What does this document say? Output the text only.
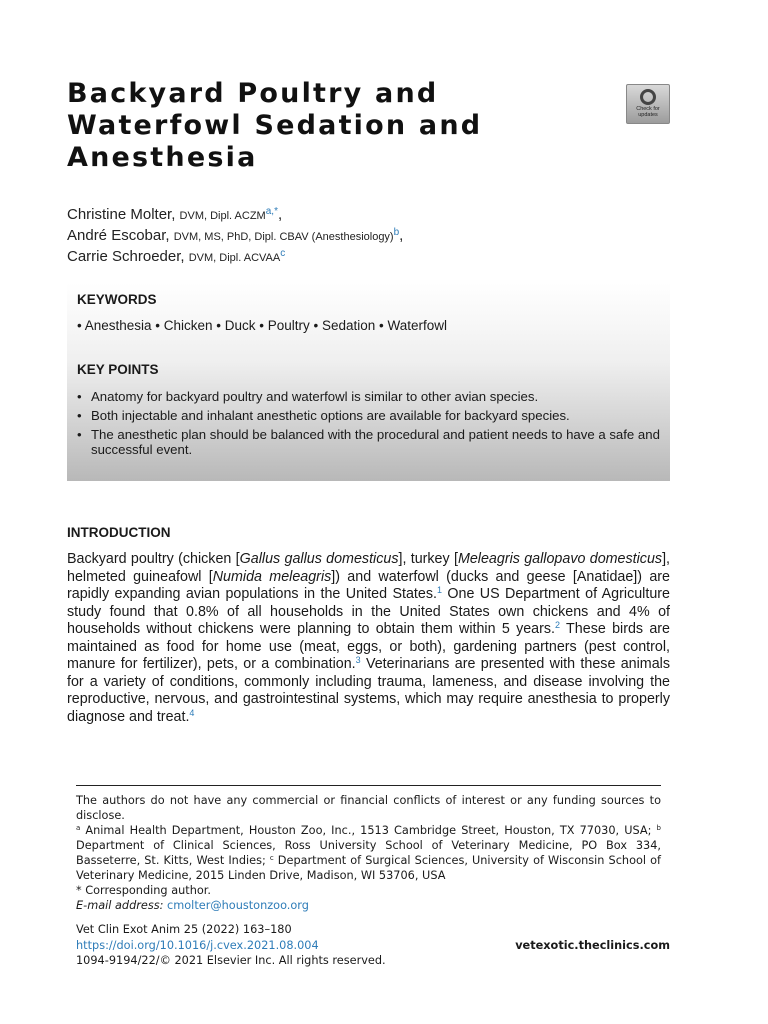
Backyard Poultry and Waterfowl Sedation and Anesthesia
Check for
updates
Christine Molter, DVM, Dipl. $ACZM^{a,*}$,
André Escobar, DVM, MS, PhD, Dipl. CBAV (Anesthesiology)$^b$,
Carrie Schroeder, DVM, Dipl. ACVAA$^c$
KEYWORDS
• Anesthesia • Chicken • Duck • Poultry • Sedation • Waterfowl
KEY POINTS
• Anatomy for backyard poultry and waterfowl is similar to other avian species.
• Both injectable and inhalant anesthetic options are available for backyard species.
• The anesthetic plan should be balanced with the procedural and patient needs to have a safe and successful event.
INTRODUCTION

Backyard poultry (chicken [Gallus gallus domesticus], turkey [Meleagris gallopavo domesticus], helmeted guineafowl [Numida meleagris]) and waterfowl (ducks and geese [Anatidae]) are rapidly expanding avian populations in the United States.$^1$ One US Department of Agriculture study found that 0.8% of all households in the United States own chickens and 4% of households without chickens were planning to obtain them within 5 years.$^2$ These birds are maintained as food for home use (meat, eggs, or both), gardening partners (pest control, manure for fertilizer), pets, or a combination.$^3$ Veterinarians are presented with these animals for a variety of conditions, commonly including trauma, lameness, and disease involving the reproductive, nervous, and gastrointestinal systems, which may require anesthesia to properly diagnose and treat.$^4$

The authors do not have any commercial or financial conflicts of interest or any funding sources to disclose.

$^a$ Animal Health Department, Houston Zoo, Inc., 1513 Cambridge Street, Houston, TX 77030, USA; $^b$ Department of Clinical Sciences, Ross University School of Veterinary Medicine, PO Box 334, Basseterre, St. Kitts, West Indies; $^c$ Department of Surgical Sciences, University of Wisconsin School of Veterinary Medicine, 2015 Linden Drive, Madison, WI 53706, USA

* Corresponding author.

E-mail address: cmolter@houstonzoo.org

Vet Clin Exot Anim 25 (2022) 163–180
https://doi.org/10.1016/j.cvex.2021.08.004	vetexotic.theclinics.com
1094-9194/22/© 2021 Elsevier Inc. All rights reserved.
